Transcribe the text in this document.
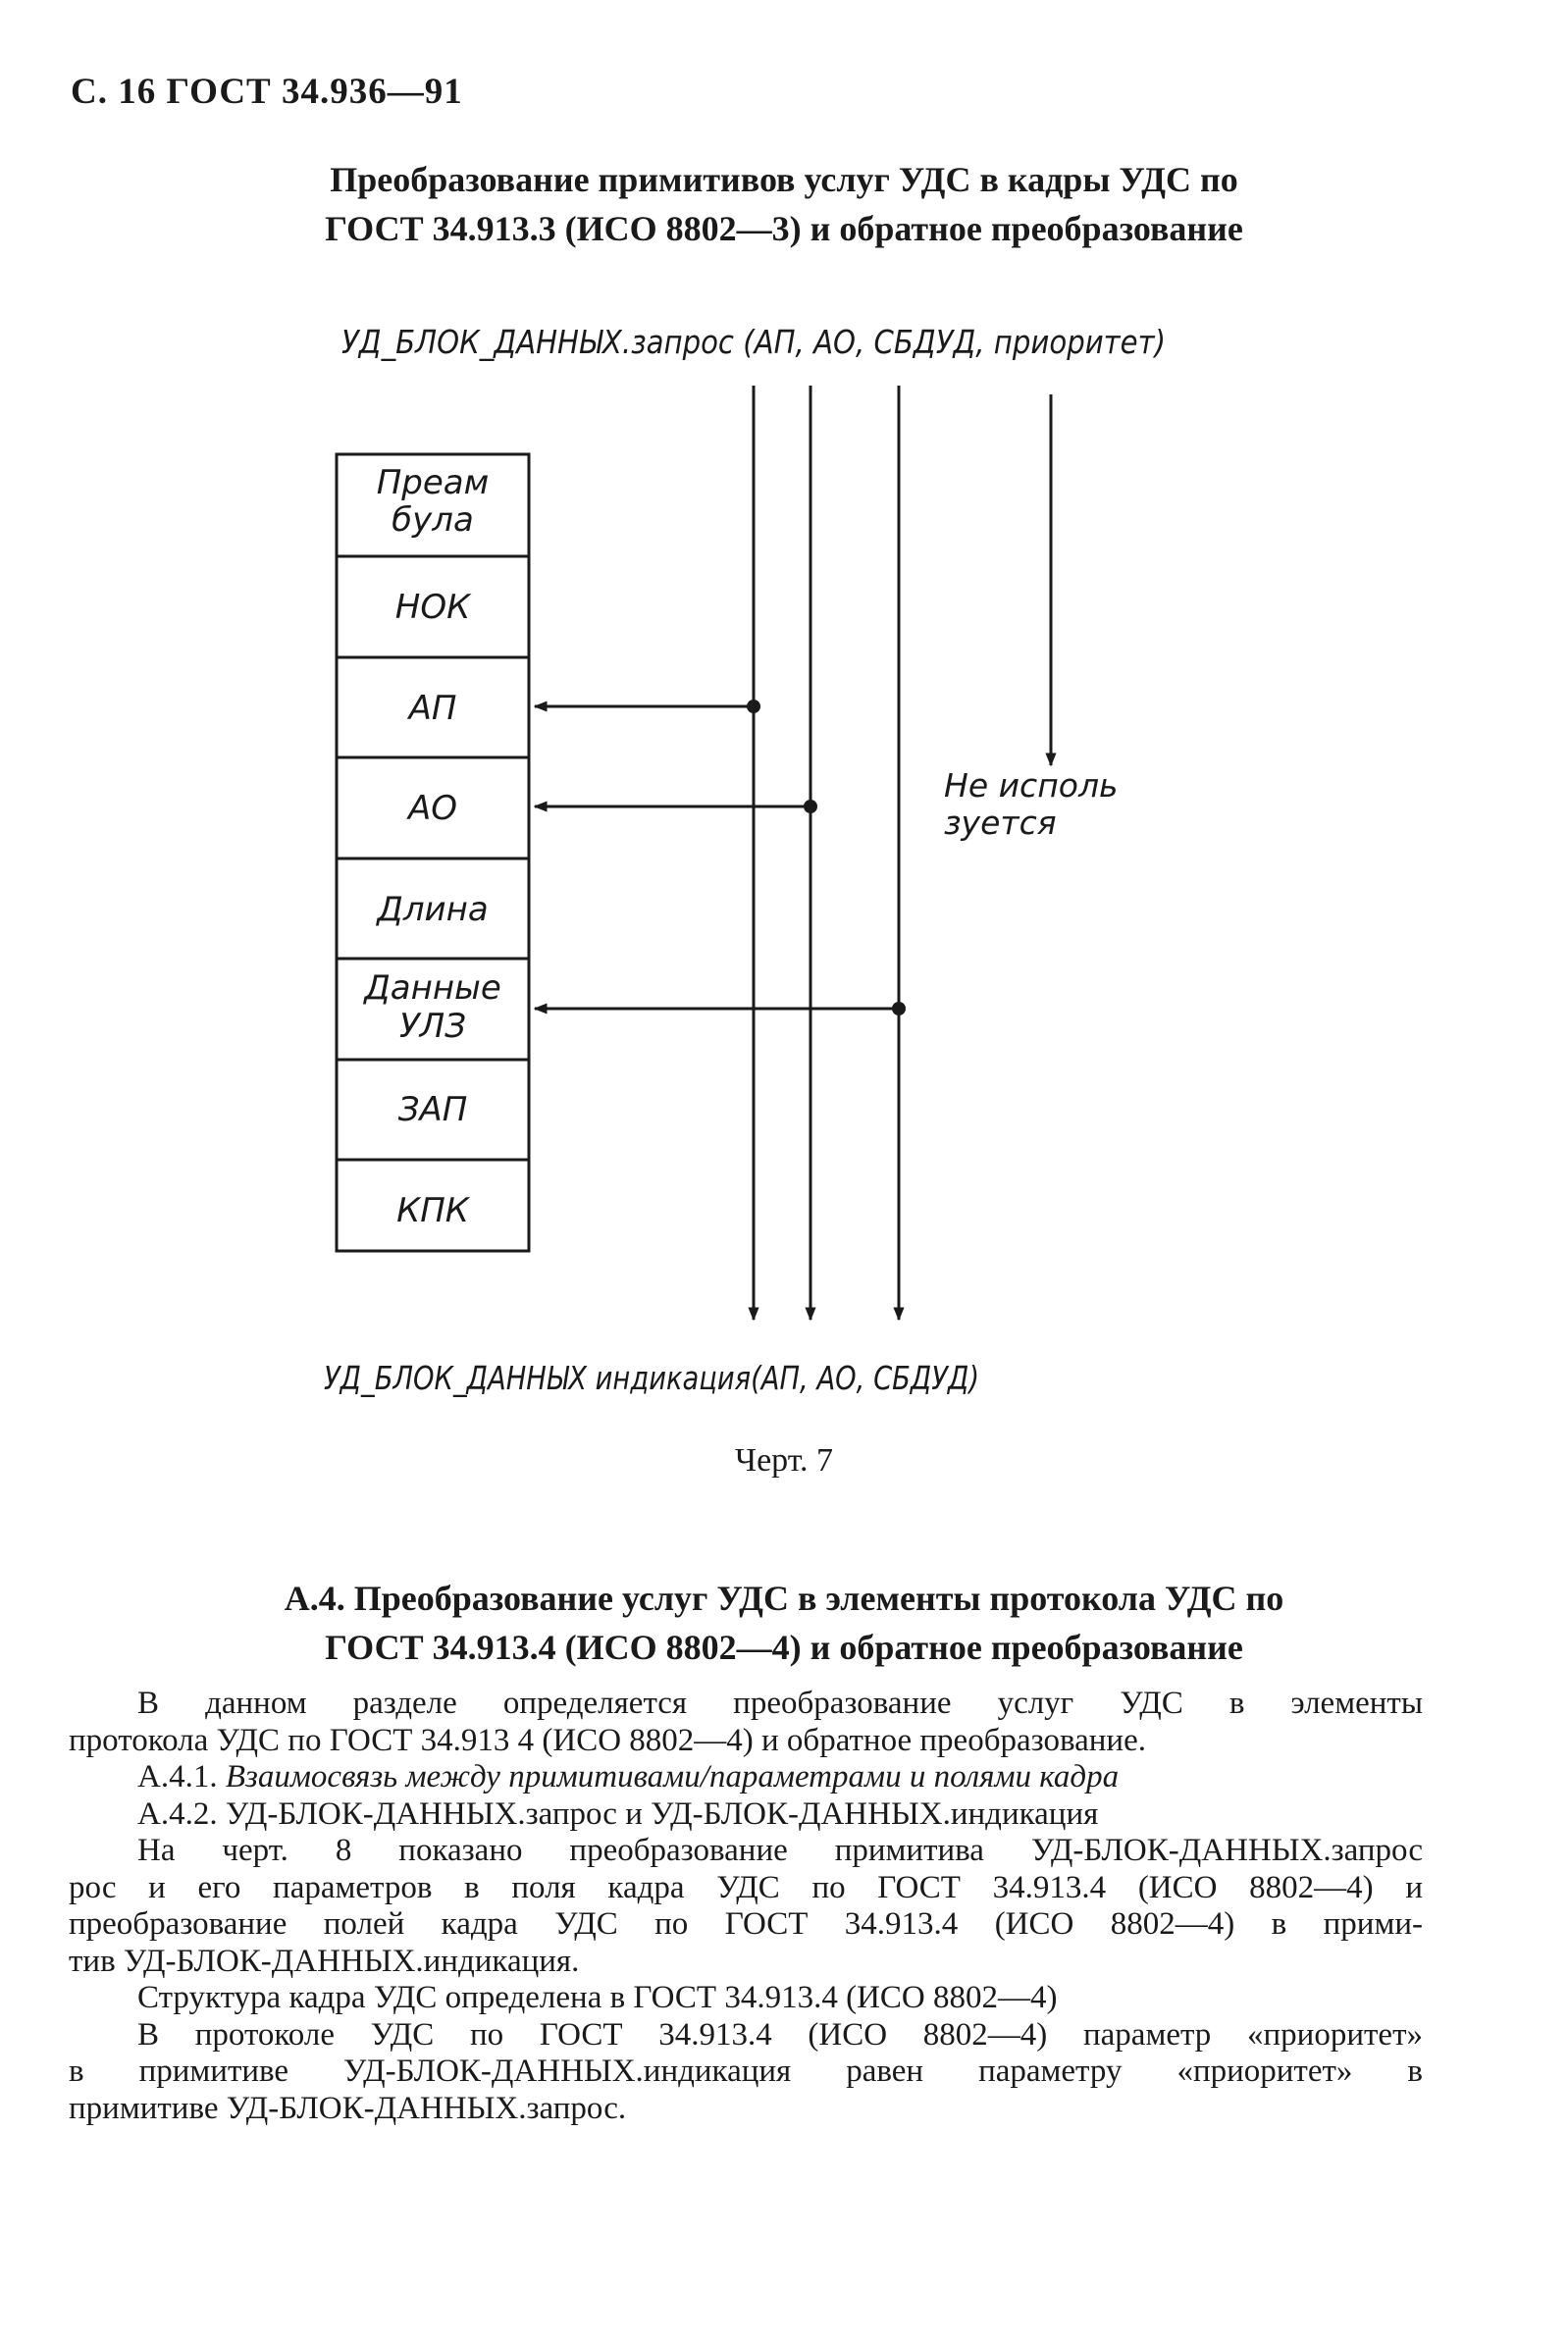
С. 16 ГОСТ 34.936—91
Преобразование примитивов услуг УДС в кадры УДС по
ГОСТ 34.913.3 (ИСО 8802—3) и обратное преобразование
УД_БЛОК_ДАННЫХ.запрос (АП, АО, СБДУД, приоритет)
Преам
була
НОК
АП
АО
Длина
Данные
УЛЗ
ЗАП
КПК
Не исполь
зуется
УД_БЛОК_ДАННЫХ индикация(АП, АО, СБДУД)
Черт. 7
А.4. Преобразование услуг УДС в элементы протокола УДС по
ГОСТ 34.913.4 (ИСО 8802—4) и обратное преобразование
В данном разделе определяется преобразование услуг УДС в элементы
протокола УДС по ГОСТ 34.913 4 (ИСО 8802—4) и обратное преобразование.
А.4.1. Взаимосвязь между примитивами/параметрами и полями кадра
А.4.2. УД-БЛОК-ДАННЫХ.запрос и УД-БЛОК-ДАННЫХ.индикация
На черт. 8 показано преобразование примитива УД-БЛОК-ДАННЫХ.запрос
рос и его параметров в поля кадра УДС по ГОСТ 34.913.4 (ИСО 8802—4) и
преобразование полей кадра УДС по ГОСТ 34.913.4 (ИСО 8802—4) в прими-
тив УД-БЛОК-ДАННЫХ.индикация.
Структура кадра УДС определена в ГОСТ 34.913.4 (ИСО 8802—4)
В протоколе УДС по ГОСТ 34.913.4 (ИСО 8802—4) параметр «приоритет»
в примитиве УД-БЛОК-ДАННЫХ.индикация равен параметру «приоритет» в
примитиве УД-БЛОК-ДАННЫХ.запрос.
